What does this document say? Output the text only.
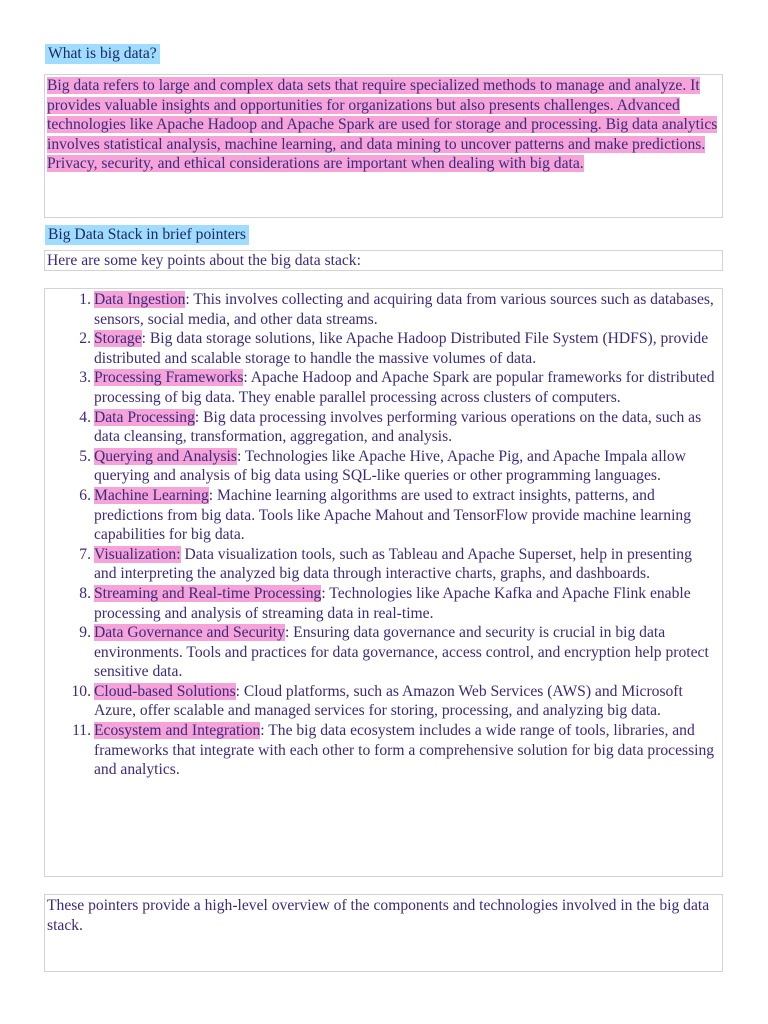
What is big data?
Big data refers to large and complex data sets that require specialized methods to manage and analyze. It provides valuable insights and opportunities for organizations but also presents challenges. Advanced technologies like Apache Hadoop and Apache Spark are used for storage and processing. Big data analytics involves statistical analysis, machine learning, and data mining to uncover patterns and make predictions. Privacy, security, and ethical considerations are important when dealing with big data.
Big Data Stack in brief pointers
Here are some key points about the big data stack:
1. Data Ingestion: This involves collecting and acquiring data from various sources such as databases, sensors, social media, and other data streams.
2. Storage: Big data storage solutions, like Apache Hadoop Distributed File System (HDFS), provide distributed and scalable storage to handle the massive volumes of data.
3. Processing Frameworks: Apache Hadoop and Apache Spark are popular frameworks for distributed processing of big data. They enable parallel processing across clusters of computers.
4. Data Processing: Big data processing involves performing various operations on the data, such as data cleansing, transformation, aggregation, and analysis.
5. Querying and Analysis: Technologies like Apache Hive, Apache Pig, and Apache Impala allow querying and analysis of big data using SQL-like queries or other programming languages.
6. Machine Learning: Machine learning algorithms are used to extract insights, patterns, and predictions from big data. Tools like Apache Mahout and TensorFlow provide machine learning capabilities for big data.
7. Visualization: Data visualization tools, such as Tableau and Apache Superset, help in presenting and interpreting the analyzed big data through interactive charts, graphs, and dashboards.
8. Streaming and Real-time Processing: Technologies like Apache Kafka and Apache Flink enable processing and analysis of streaming data in real-time.
9. Data Governance and Security: Ensuring data governance and security is crucial in big data environments. Tools and practices for data governance, access control, and encryption help protect sensitive data.
10. Cloud-based Solutions: Cloud platforms, such as Amazon Web Services (AWS) and Microsoft Azure, offer scalable and managed services for storing, processing, and analyzing big data.
11. Ecosystem and Integration: The big data ecosystem includes a wide range of tools, libraries, and frameworks that integrate with each other to form a comprehensive solution for big data processing and analytics.
These pointers provide a high-level overview of the components and technologies involved in the big data stack.
